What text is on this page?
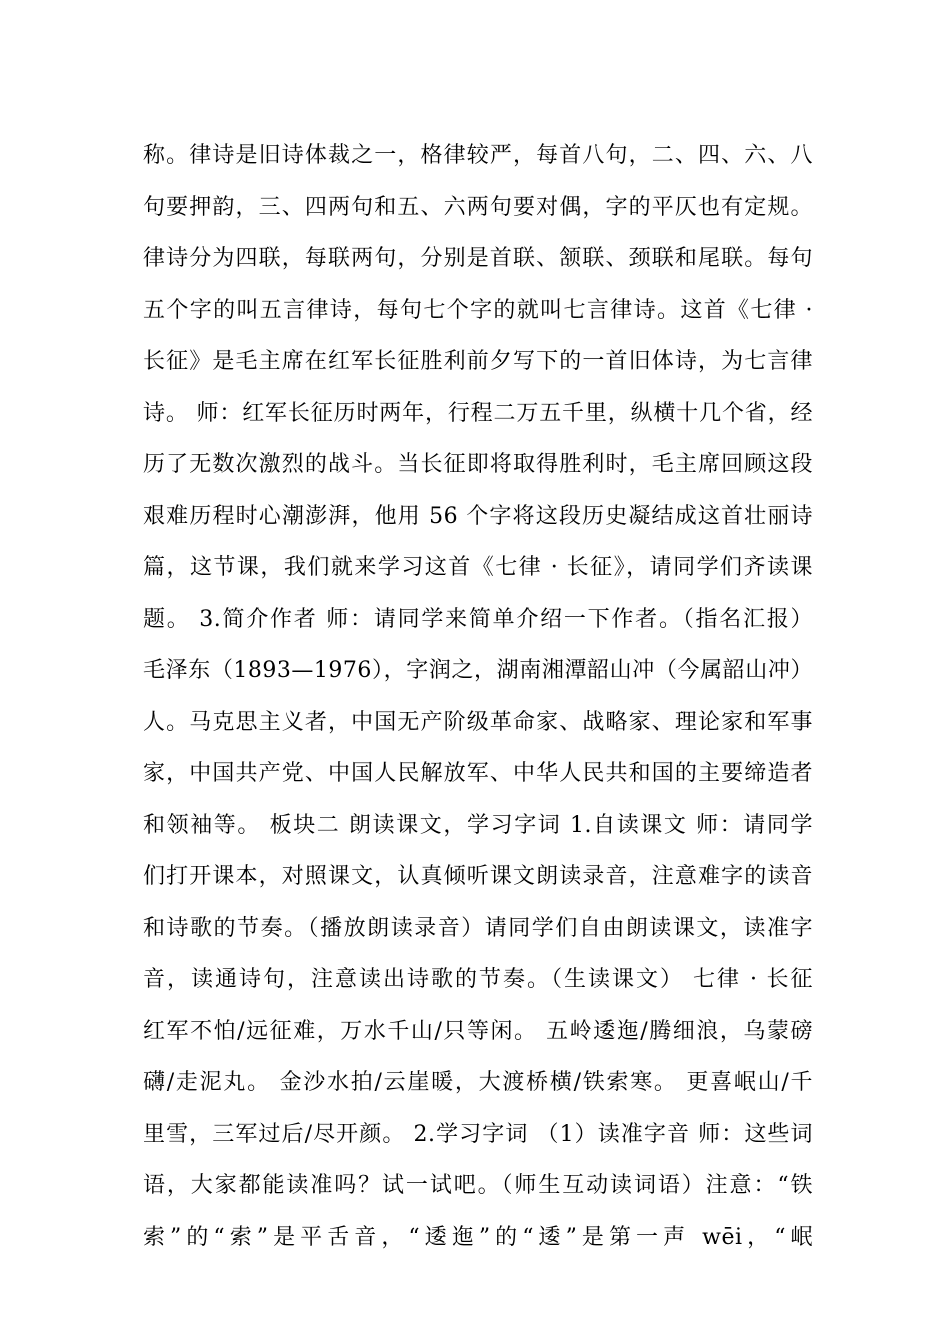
称。律诗是旧诗体裁之一，格律较严，每首八句，二、四、六、八
句要押韵，三、四两句和五、六两句要对偶，字的平仄也有定规。
律诗分为四联，每联两句，分别是首联、颔联、颈联和尾联。每句
五个字的叫五言律诗，每句七个字的就叫七言律诗。这首《七律 ·
长征》是毛主席在红军长征胜利前夕写下的一首旧体诗，为七言律
诗。 师：红军长征历时两年，行程二万五千里，纵横十几个省，经
历了无数次激烈的战斗。当长征即将取得胜利时，毛主席回顾这段
艰难历程时心潮澎湃，他用 56 个字将这段历史凝结成这首壮丽诗
篇，这节课，我们就来学习这首《七律 · 长征》，请同学们齐读课
题。 3.简介作者 师：请同学来简单介绍一下作者。（指名汇报）
毛泽东（1893—1976），字润之，湖南湘潭韶山冲（今属韶山冲）
人。马克思主义者，中国无产阶级革命家、战略家、理论家和军事
家，中国共产党、中国人民解放军、中华人民共和国的主要缔造者
和领袖等。 板块二 朗读课文，学习字词 1.自读课文 师：请同学
们打开课本，对照课文，认真倾听课文朗读录音，注意难字的读音
和诗歌的节奏。（播放朗读录音）请同学们自由朗读课文，读准字
音，读通诗句，注意读出诗歌的节奏。（生读课文） 七律 · 长征
红军不怕/远征难，万水千山/只等闲。 五岭逶迤/腾细浪，乌蒙磅
礴/走泥丸。 金沙水拍/云崖暖，大渡桥横/铁索寒。 更喜岷山/千
里雪，三军过后/尽开颜。 2.学习字词 （1）读准字音 师：这些词
语，大家都能读准吗？试一试吧。（师生互动读词语）注意：“铁
索”的“索”是平舌音，“逶迤”的“逶”是第一声 wēi，“岷
